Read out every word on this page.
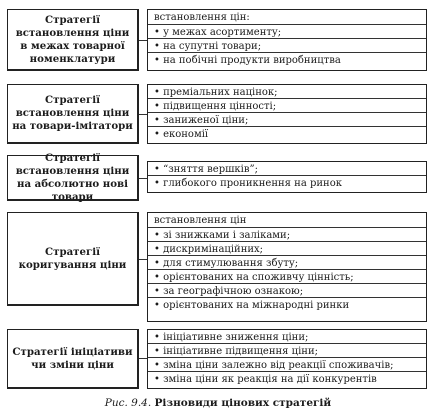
Стратегії встановлення ціни в межах товарної номенклатури
встановлення цін:
• у межах асортименту;
• на супутні товари;
• на побічні продукти виробництва
Стратегії встановлення ціни на товари-імітатори
• преміальних націнок;
• підвищення цінності;
• заниженої ціни;
• економії
Стратегії встановлення ціни на абсолютно нові товари
• “зняття вершків”;
• глибокого проникнення на ринок
Стратегії коригування ціни
встановлення цін
• зі знижками і заліками;
• дискримінаційних;
• для стимулювання збуту;
• орієнтованих на споживчу цінність;
• за географічною ознакою;
• орієнтованих на міжнародні ринки
Стратегії ініціативи чи зміни ціни
• ініціативне зниження ціни;
• ініціативне підвищення ціни;
• зміна ціни залежно від реакції споживачів;
• зміна ціни як реакція на дії конкурентів
Рис. 9.4. Різновиди цінових стратегій
